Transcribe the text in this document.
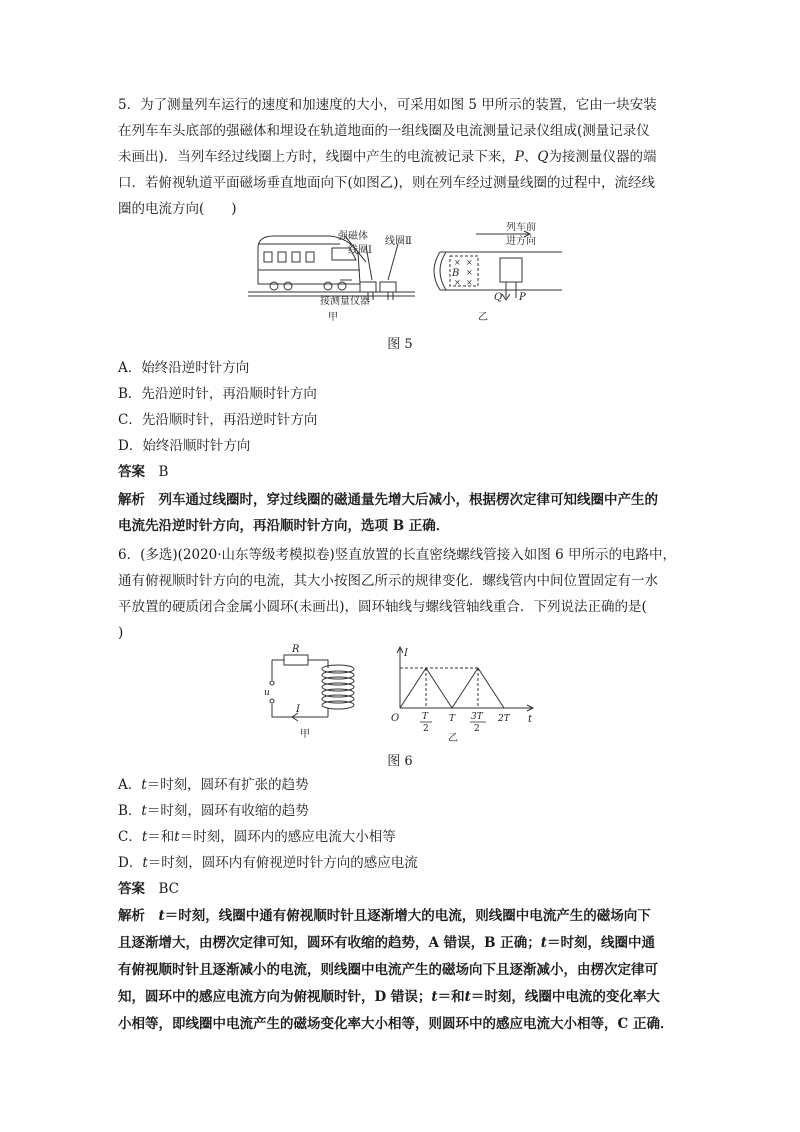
5．为了测量列车运行的速度和加速度的大小，可采用如图 5 甲所示的装置，它由一块安装
在列车车头底部的强磁体和埋设在轨道地面的一组线圈及电流测量记录仪组成(测量记录仪
未画出)．当列车经过线圈上方时，线圈中产生的电流被记录下来，P、Q为接测量仪器的端
口．若俯视轨道平面磁场垂直地面向下(如图乙)，则在列车经过测量线圈的过程中，流经线
圈的电流方向(　　)
强磁体
线圈Ⅰ
线圈Ⅱ
接测量仪器
甲
× ×
×
× ×
B
Q P
列车前
进方向
乙
图 5
A．始终沿逆时针方向
B．先沿逆时针，再沿顺时针方向
C．先沿顺时针，再沿逆时针方向
D．始终沿顺时针方向
答案　 B
解析　 列车通过线圈时，穿过线圈的磁通量先增大后减小，根据楞次定律可知线圈中产生的
电流先沿逆时针方向，再沿顺时针方向，选项 B 正确．
6．(多选)(2020·山东等级考模拟卷)竖直放置的长直密绕螺线管接入如图 6 甲所示的电路中，
通有俯视顺时针方向的电流，其大小按图乙所示的规律变化．螺线管内中间位置固定有一水
平放置的硬质闭合金属小圆环(未画出)，圆环轴线与螺线管轴线重合．下列说法正确的是(
)
R
u
I
甲
I
t
O	T
2
T 3T
2
2T
乙
图 6
A．t＝时刻，圆环有扩张的趋势
B．t＝时刻，圆环有收缩的趋势
C．t＝和t＝时刻，圆环内的感应电流大小相等
D．t＝时刻，圆环内有俯视逆时针方向的感应电流
答案　 BC
解析　 t＝时刻，线圈中通有俯视顺时针且逐渐增大的电流，则线圈中电流产生的磁场向下
且逐渐增大，由楞次定律可知，圆环有收缩的趋势，A 错误，B 正确；t＝时刻，线圈中通
有俯视顺时针且逐渐减小的电流，则线圈中电流产生的磁场向下且逐渐减小，由楞次定律可
知，圆环中的感应电流方向为俯视顺时针，D 错误；t＝和t＝时刻，线圈中电流的变化率大
小相等，即线圈中电流产生的磁场变化率大小相等，则圆环中的感应电流大小相等，C 正确．
